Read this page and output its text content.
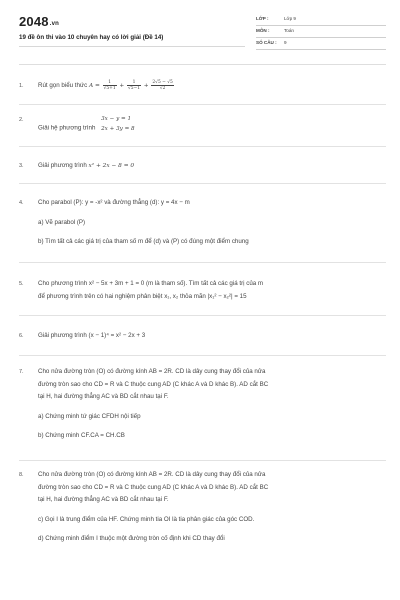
2048.vn
19 đề ôn thi vào 10 chuyên hay có lời giải (Đề 14)
LỚP :	Lớp 9
MÔN :	Toán
SỐ CÂU : 9
1. Rút gọn biểu thức $A = \frac{1}{√5+1} + \frac{1}{√5-1} + \frac{2√5 - √5}{√2}$
2.
Giải hệ phương trình
3x − y = 1
2x + 3y = 8
3. Giải phương trình x² + 2x − 8 = 0
4. Cho parabol (P): y = -x² và đường thẳng (d): y = 4x − m
a) Vẽ parabol (P)
b) Tìm tất cả các giá trị của tham số m để (d) và (P) có đúng một điểm chung
5. Cho phương trình x² − 5x + 3m + 1 = 0 (m là tham số). Tìm tất cả các giá trị của m
để phương trình trên có hai nghiệm phân biệt x₁, x₂ thỏa mãn |x₁² − x₂²| = 15
6. Giải phương trình (x − 1)⁴ = x² − 2x + 3
7. Cho nửa đường tròn (O) có đường kính AB = 2R. CD là dây cung thay đổi của nửa
đường tròn sao cho CD = R và C thuộc cung AD (C khác A và D khác B). AD cắt BC
tại H, hai đường thẳng AC và BD cắt nhau tại F.
a) Chứng minh tứ giác CFDH nội tiếp
b) Chứng minh CF.CA = CH.CB
8. Cho nửa đường tròn (O) có đường kính AB = 2R. CD là dây cung thay đổi của nửa
đường tròn sao cho CD = R và C thuộc cung AD (C khác A và D khác B). AD cắt BC
tại H, hai đường thẳng AC và BD cắt nhau tại F.
c) Gọi I là trung điểm của HF. Chứng minh tia OI là tia phân giác của góc COD.
d) Chứng minh điểm I thuộc một đường tròn cố định khi CD thay đổi
